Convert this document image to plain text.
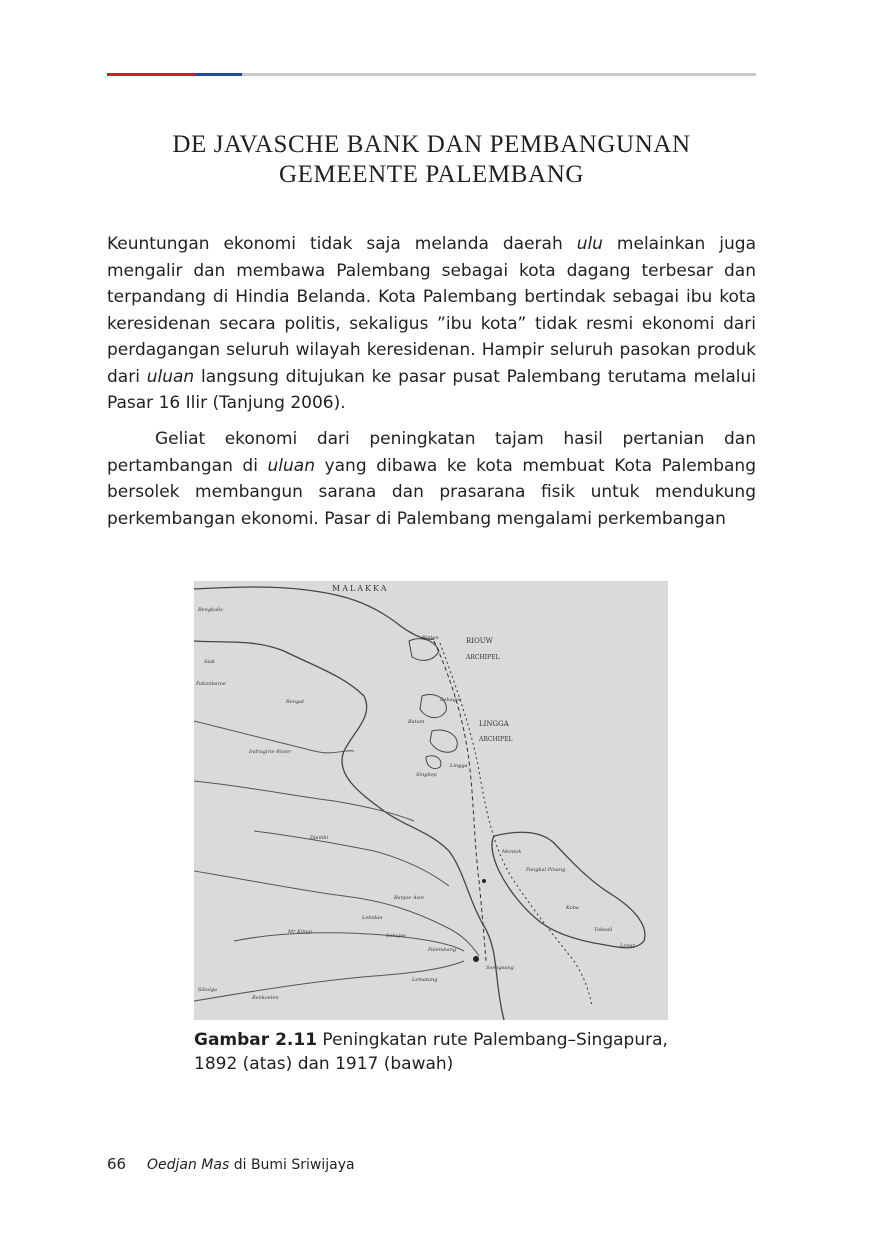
DE JAVASCHE BANK DAN PEMBANGUNAN
GEMEENTE PALEMBANG

Keuntungan ekonomi tidak saja melanda daerah ulu melainkan juga mengalir dan membawa Palembang sebagai kota dagang terbesar dan terpandang di Hindia Belanda. Kota Palembang bertindak sebagai ibu kota keresidenan secara politis, sekaligus ”ibu kota” tidak resmi ekonomi dari perdagangan seluruh wilayah keresidenan. Hampir seluruh pasokan produk dari uluan langsung ditujukan ke pasar pusat Palembang terutama melalui Pasar 16 Ilir (Tanjung 2006).

Geliat ekonomi dari peningkatan tajam hasil pertanian dan pertambangan di uluan yang dibawa ke kota membuat Kota Palembang bersolek membangun sarana dan prasarana fisik untuk mendukung perkembangan ekonomi. Pasar di Palembang mengalami perkembangan

MALAKKA
RIOUW
ARCHIPEL
LINGGA
ARCHIPEL
Bengkalis
Siak
Pakanbaroe
Rengat
Indragirie Rivier
Djambi
Singkep
Sebagoe
Batam
Bintan
Lingga
Palembang
Lebidan
Banjoe Asin
Mr Klingi
Lematang
Sekajoe
Pangkal Pinang
Mentok
Koba
Toboali
Soengsang
Benkoelen
Lepar
Sibolga

Gambar 2.11 Peningkatan rute Palembang–Singapura, 1892 (atas) dan 1917 (bawah)

66 Oedjan Mas di Bumi Sriwijaya
